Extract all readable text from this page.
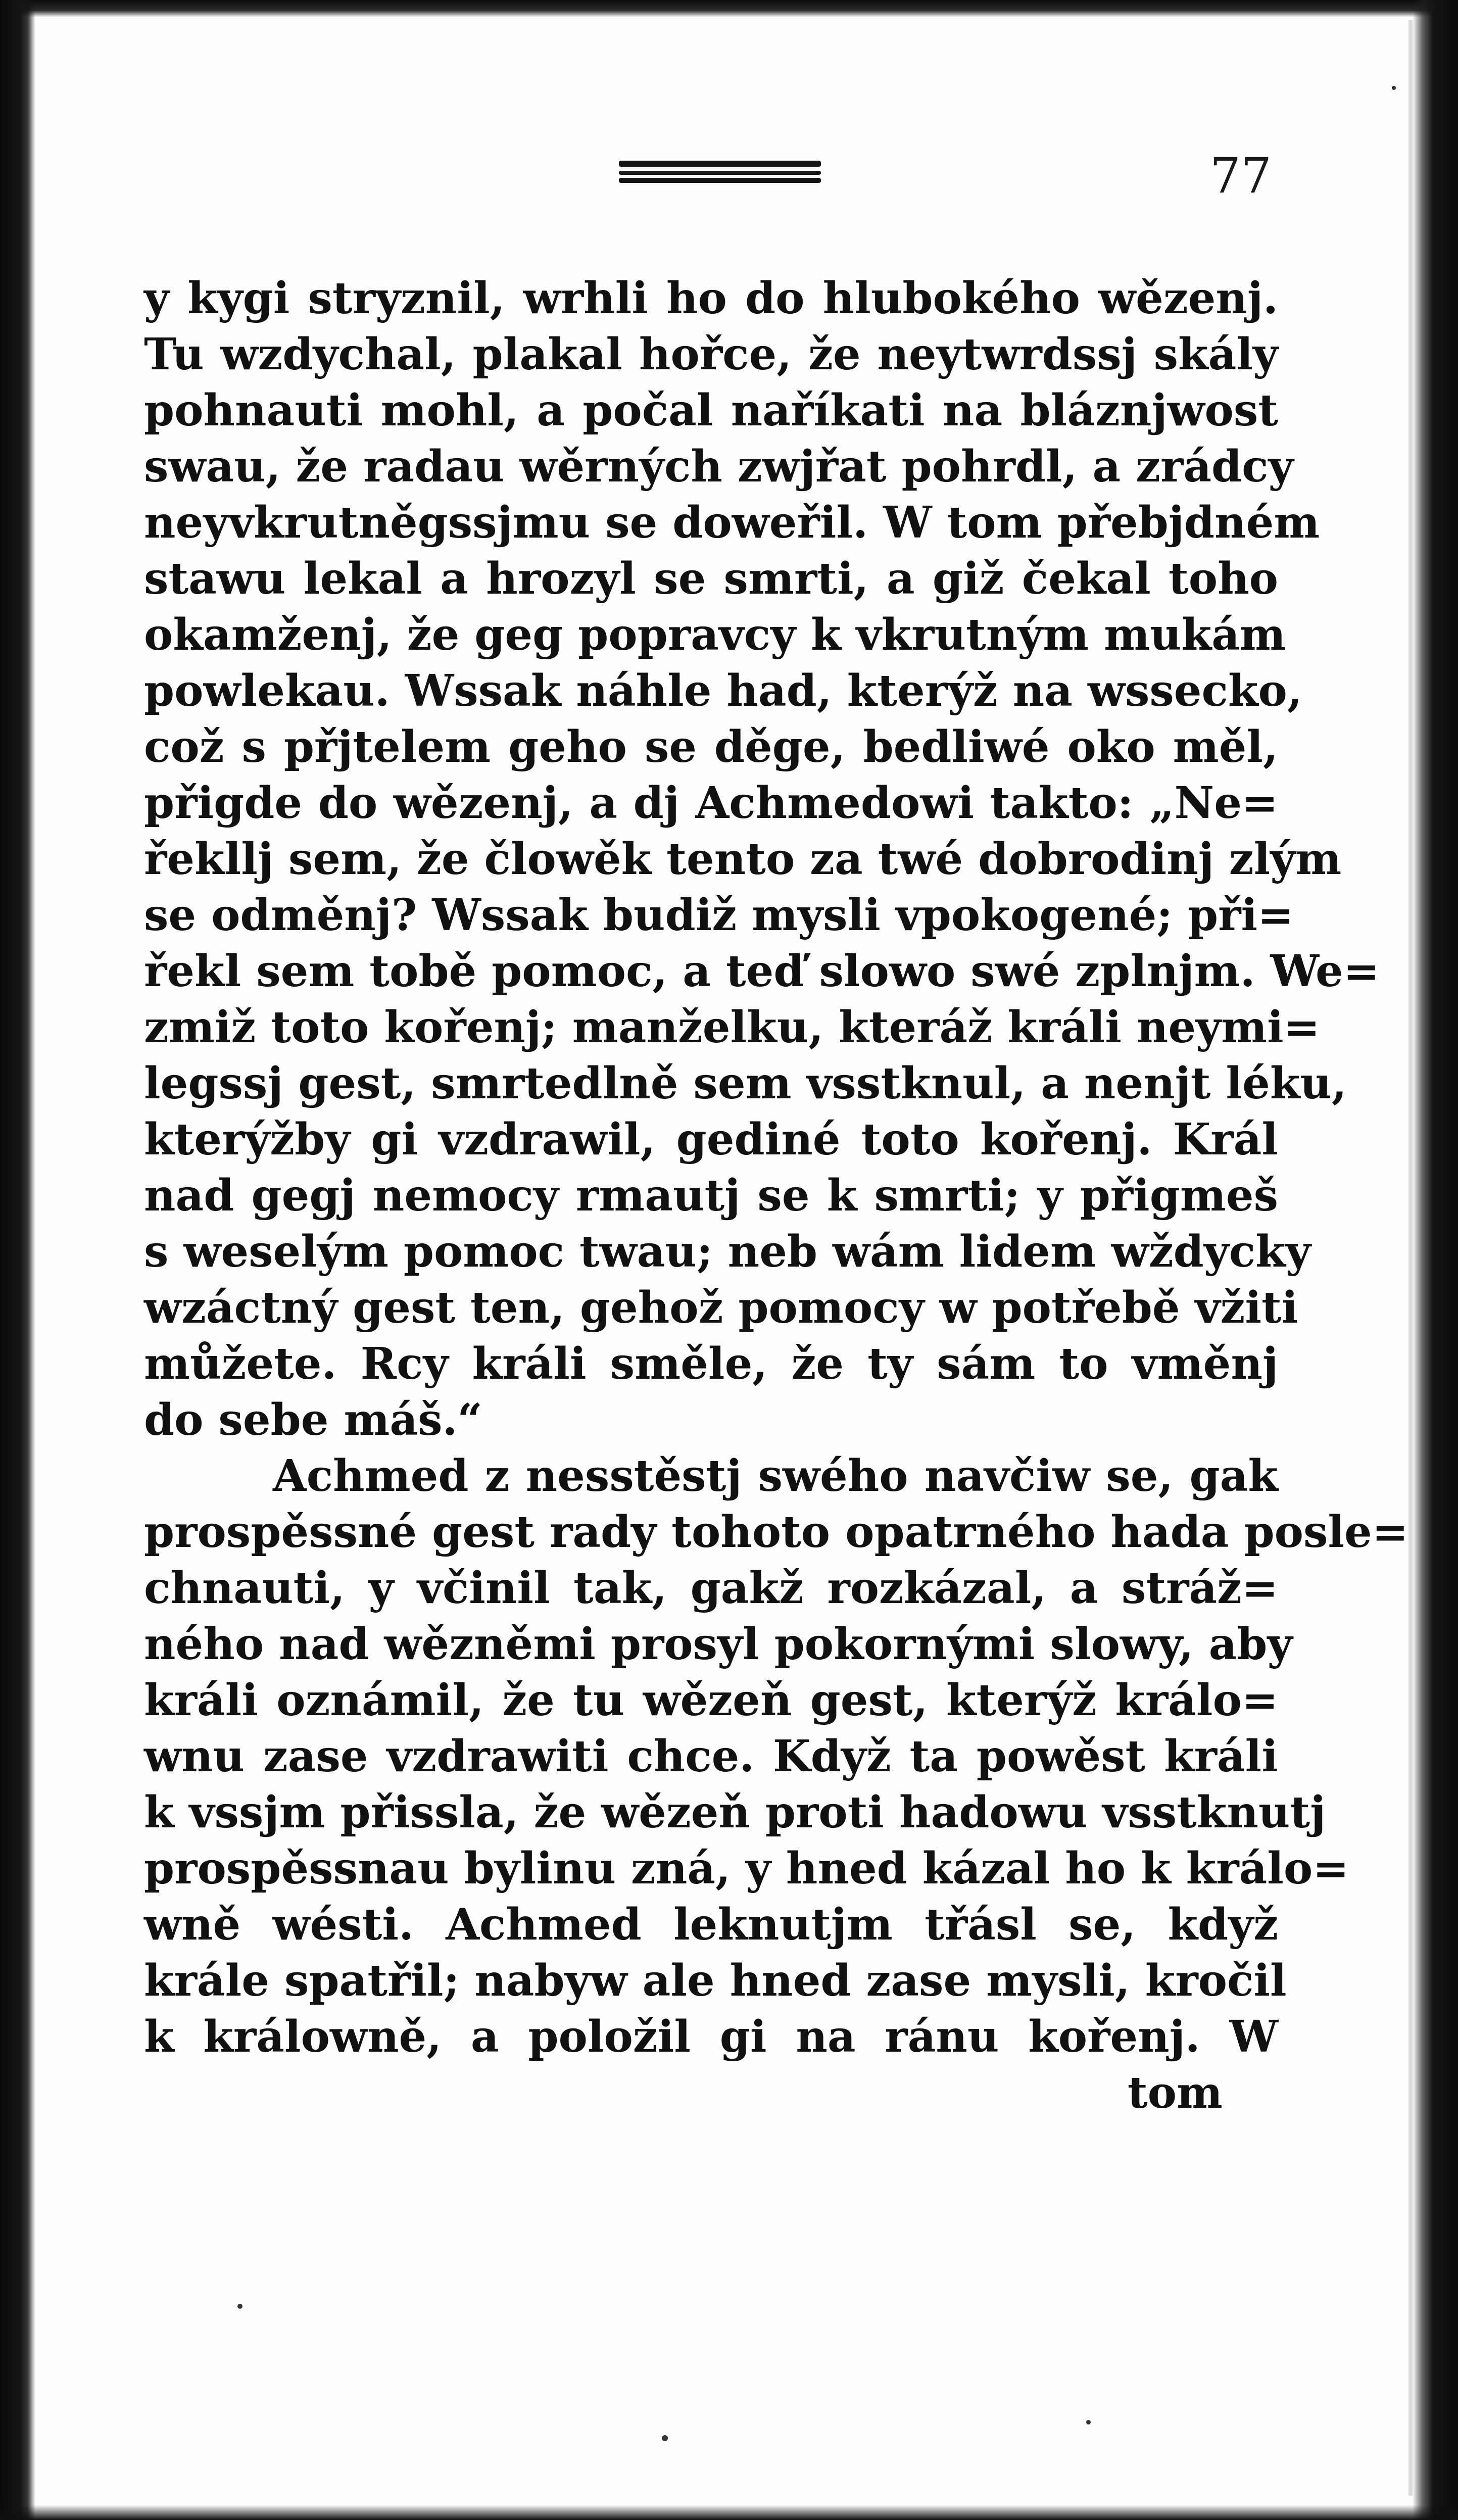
77
y kygi stryznil, wrhli ho do hlubokého wězenj.
Tu wzdychal, plakal hořce, že neytwrdssj skály
pohnauti mohl, a počal naříkati na bláznjwost
swau, že radau wěrných zwjřat pohrdl, a zrádcy
neyvkrutněgssjmu se doweřil. W tom přebjdném
stawu lekal a hrozyl se smrti, a giž čekal toho
okamženj, že geg popravcy k vkrutným mukám
powlekau. Wssak náhle had, kterýž na wssecko,
což s přjtelem geho se děge, bedliwé oko měl,
přigde do wězenj, a dj Achmedowi takto: „Ne=
řekllj sem, že člowěk tento za twé dobrodinj zlým
se odměnj? Wssak budiž mysli vpokogené; při=
řekl sem tobě pomoc, a teď slowo swé zplnjm. We=
zmiž toto kořenj; manželku, kteráž králi neymi=
legssj gest, smrtedlně sem vsstknul, a nenjt léku,
kterýžby gi vzdrawil, gediné toto kořenj. Král
nad gegj nemocy rmautj se k smrti; y přigmeš
s weselým pomoc twau; neb wám lidem wždycky
wzáctný gest ten, gehož pomocy w potřebě vžiti
můžete. Rcy králi směle, že ty sám to vměnj
do sebe máš.“
Achmed z nesstěstj swého navčiw se, gak
prospěssné gest rady tohoto opatrného hada posle=
chnauti, y včinil tak, gakž rozkázal, a stráž=
ného nad wězněmi prosyl pokornými slowy, aby
králi oznámil, že tu wězeň gest, kterýž králo=
wnu zase vzdrawiti chce. Když ta powěst králi
k vssjm přissla, že wězeň proti hadowu vsstknutj
prospěssnau bylinu zná, y hned kázal ho k králo=
wně wésti. Achmed leknutjm třásl se, když
krále spatřil; nabyw ale hned zase mysli, kročil
k králowně, a položil gi na ránu kořenj. W
tom
